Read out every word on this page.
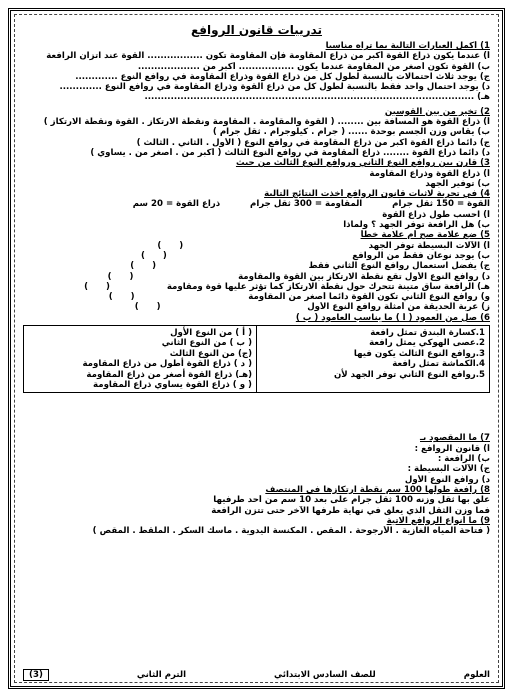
تدريبات قانون الروافع
1) أكمل العبارات التالية بما تراه مناسبا
أ) عندما يكون ذراع القوة أكبر من ذراع المقاومة فإن المقاومة تكون ................. القوة عند اتزان الرافعة
ب) القوة تكون أصغر من المقاومة عندما يكون ................. أكبر من ...................
ج) يوجد ثلاث احتمالات بالنسبة لطول كل من ذراع القوة وذراع المقاومة في روافع النوع .............
د) يوجد احتمال واحد فقط بالنسبة لطول كل من ذراع القوة وذراع المقاومة في روافع النوع .............
هـ) .....................................................................................................
2) تخير من بين القوسين
أ) ذراع القوة هو المسافة بين ........ ( القوة والمقاومة . المقاومة ونقطة الارتكاز . القوة ونقطة الارتكاز )
ب) يقاس وزن الجسم بوحدة ...... ( جرام . كيلوجرام . ثقل جرام )
ج) دائما ذراع القوة أكبر من ذراع المقاومة في روافع النوع ( الأول . الثاني . الثالث )
د) دائما ذراع القوة ........ ذراع المقاومة في روافع النوع الثالث ( أكبر من . أصغر من . يساوي )
3) قارن بين روافع النوع الثاني وروافع النوع الثالث من حيث
أ) ذراع القوة وذراع المقاومة
ب) توفير الجهد
4) في تجربة لاثبات قانون الروافع أخذت النتائج التالية
القوة = 150 ثقل جرام          المقاومة = 300 ثقل جرام          ذراع القوة = 20 سم
أ) احسب طول ذراع القوة
ب) هل الرافعة توفر الجهد ؟ ولماذا
5) ضع علامة صح أم علامة خطأ
أ) الآلات البسيطة توفر الجهد                                                              (      )
ب) يوجد نوعان فقط من الروافع                                                              (      )
ج) يفضل استعمال روافع النوع الثاني فقط                                                   (      )
د) روافع النوع الأول تقع نقطة الارتكاز بين القوة والمقاومة                                   (      )
هـ) الرافعة ساق متينة تتحرك حول نقطة الارتكاز كما تؤثر عليها قوة ومقاومة                   (      )
و) روافع النوع الثاني تكون القوة دائما أصغر من المقاومة                                      (      )
ز) عربة الحديقة من أمثلة روافع النوع الأول                                                 (      )
6) صل من العمود ( أ ) ما يناسب العامود ( ب )
1.كسارة البندق تمثل رافعة
2.عصى الهوكي يمثل رافعة
3.روافع النوع الثالث يكون فيها
4.الكماشة تمثل رافعة
5.روافع النوع الثاني توفر الجهد لأن

( أ ) من النوع الأول
( ب ) من النوع الثاني
(ج) من النوع الثالث
( د ) ذراع القوة أطول من ذراع المقاومة
(هـ) ذراع القوة أصغر من ذراع المقاومة
( و ) ذراع القوة يساوي ذراع المقاومة
7) ما المقصود بـ
أ) قانون الروافع :
ب) الرافعة :
ج) الآلات البسيطة :
د) روافع النوع الأول
8) رافعة طولها 100 سم نقطة ارتكازها في المنتصف
علق بها ثقل وزنه 100 ثقل جرام على بعد 10 سم من أحد طرفيها
فما وزن الثقل الذي يعلق في نهاية طرفها الآخر حتى تتزن الرافعة
9) ما أنواع الروافع الاتية
( فتاحة المياه الغازية . الأرجوحة . المقص . المكنسة اليدوية . ماسك السكر . الملقط . المقص )
العلوم
للصف السادس الابتدائي
الترم الثاني
(3)
